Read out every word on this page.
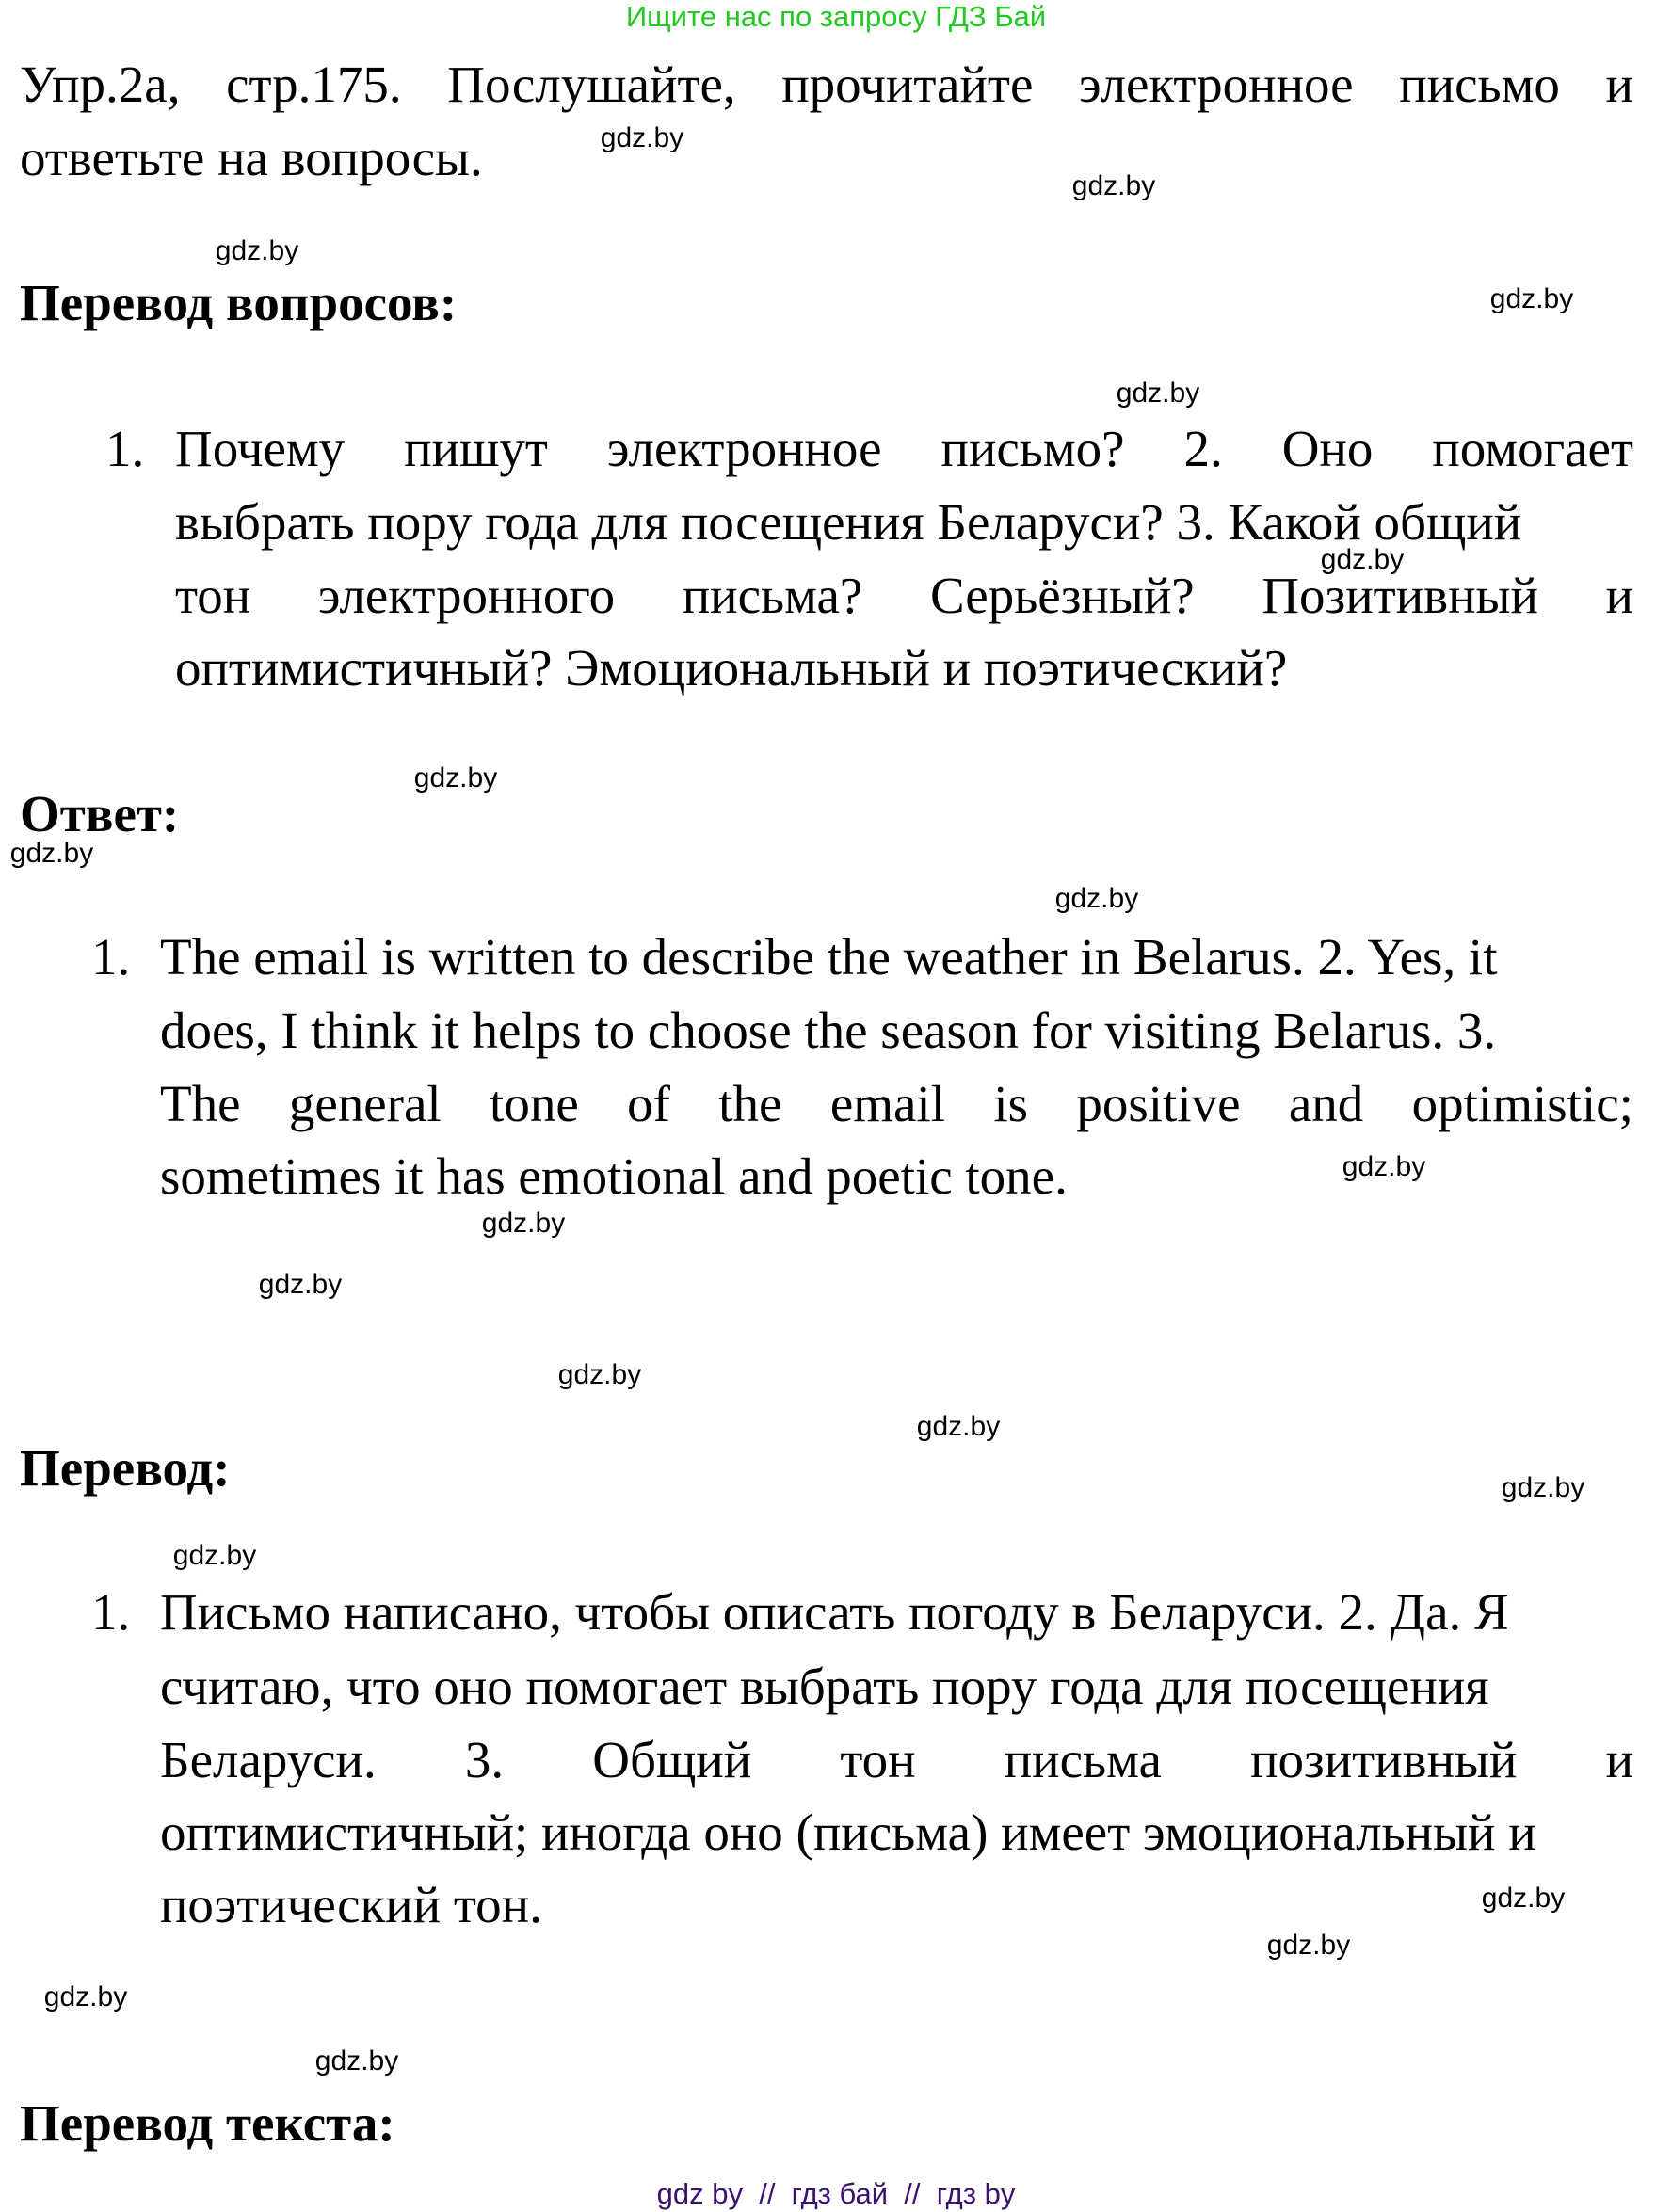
Ищите нас по запросу ГДЗ Бай
Упр.2а, стр.175. Послушайте, прочитайте электронное письмо и
ответьте на вопросы.
Перевод вопросов:
1. Почему пишут электронное письмо? 2. Оно помогает
выбрать пору года для посещения Беларуси? 3. Какой общий
тон электронного письма? Серьёзный? Позитивный и
оптимистичный? Эмоциональный и поэтический?
Ответ:
1. The email is written to describe the weather in Belarus. 2. Yes, it
does, I think it helps to choose the season for visiting Belarus. 3.
The general tone of the email is positive and optimistic;
sometimes it has emotional and poetic tone.
Перевод:
1. Письмо написано, чтобы описать погоду в Беларуси. 2. Да. Я
считаю, что оно помогает выбрать пору года для посещения
Беларуси. 3. Общий тон письма позитивный и
оптимистичный; иногда оно (письма) имеет эмоциональный и
поэтический тон.
Перевод текста:
gdz.by
gdz.by
gdz.by
gdz.by
gdz.by
gdz.by
gdz.by
gdz.by
gdz.by
gdz.by
gdz.by
gdz.by
gdz.by
gdz.by
gdz.by
gdz.by
gdz.by
gdz.by
gdz.by
gdz.by
gdz by  //  гдз бай  //  гдз by
